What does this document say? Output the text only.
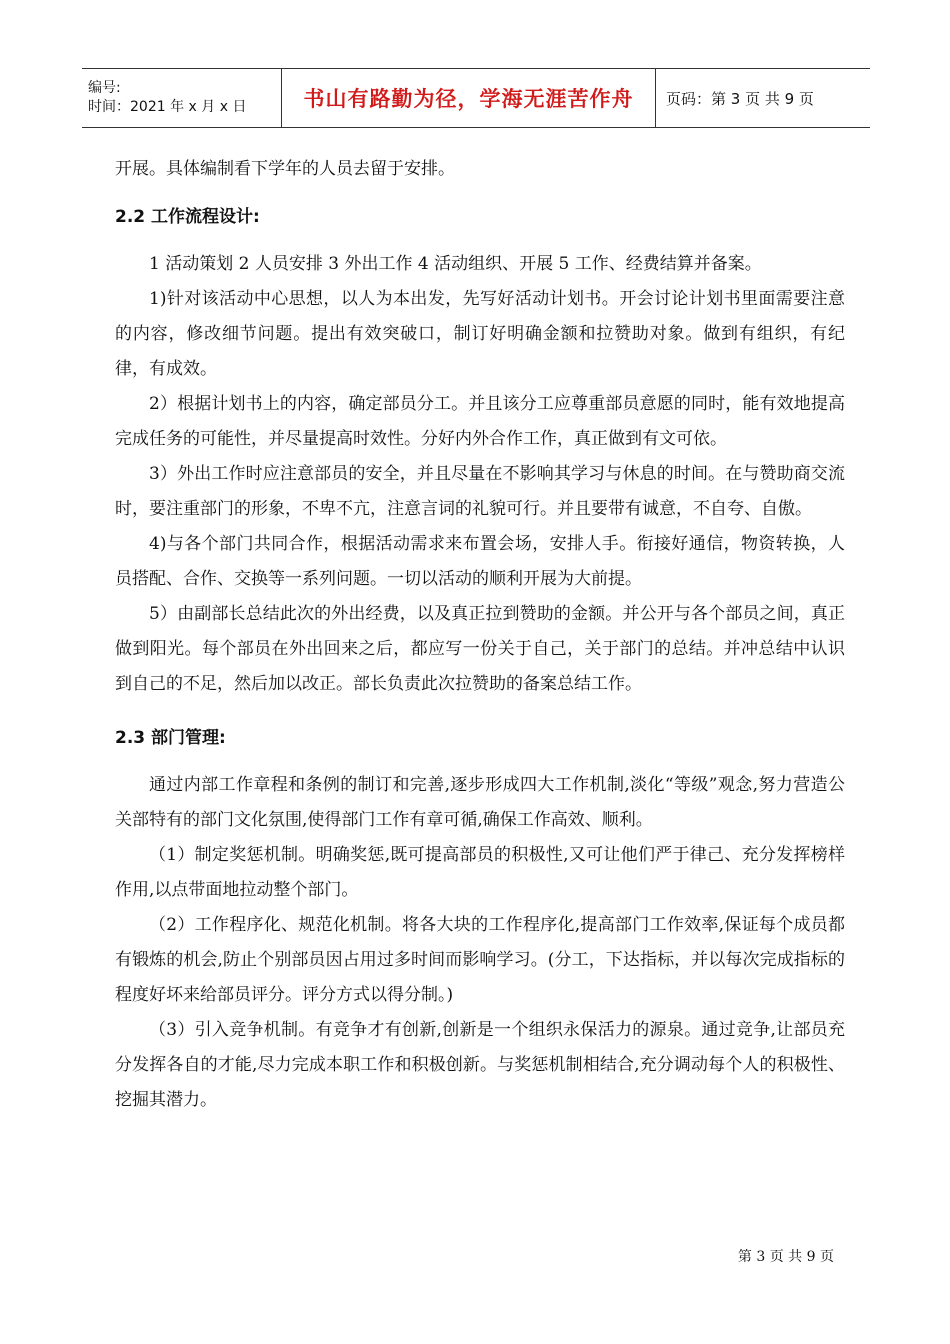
编号:
时间：2021 年 x 月 x 日	书山有路勤为径，学海无涯苦作舟 页码：第 3 页 共 9 页

开展。具体编制看下学年的人员去留于安排。

2.2 工作流程设计:

1 活动策划 2 人员安排 3 外出工作 4 活动组织、开展 5 工作、经费结算并备案。

1)针对该活动中心思想，以人为本出发，先写好活动计划书。开会讨论计划书里面需要注意的内容，修改细节问题。提出有效突破口，制订好明确金额和拉赞助对象。做到有组织，有纪律，有成效。

2）根据计划书上的内容，确定部员分工。并且该分工应尊重部员意愿的同时，能有效地提高完成任务的可能性，并尽量提高时效性。分好内外合作工作，真正做到有文可依。

3）外出工作时应注意部员的安全，并且尽量在不影响其学习与休息的时间。在与赞助商交流时，要注重部门的形象，不卑不亢，注意言词的礼貌可行。并且要带有诚意，不自夸、自傲。

4)与各个部门共同合作，根据活动需求来布置会场，安排人手。衔接好通信，物资转换，人员搭配、合作、交换等一系列问题。一切以活动的顺利开展为大前提。

5）由副部长总结此次的外出经费，以及真正拉到赞助的金额。并公开与各个部员之间，真正做到阳光。每个部员在外出回来之后，都应写一份关于自己，关于部门的总结。并冲总结中认识到自己的不足，然后加以改正。部长负责此次拉赞助的备案总结工作。

2.3 部门管理:

通过内部工作章程和条例的制订和完善,逐步形成四大工作机制,淡化“等级”观念,努力营造公关部特有的部门文化氛围,使得部门工作有章可循,确保工作高效、顺利。

（1）制定奖惩机制。明确奖惩,既可提高部员的积极性,又可让他们严于律己、充分发挥榜样作用,以点带面地拉动整个部门。

（2）工作程序化、规范化机制。将各大块的工作程序化,提高部门工作效率,保证每个成员都有锻炼的机会,防止个别部员因占用过多时间而影响学习。(分工，下达指标，并以每次完成指标的程度好坏来给部员评分。评分方式以得分制。)

（3）引入竞争机制。有竞争才有创新,创新是一个组织永保活力的源泉。通过竞争,让部员充分发挥各自的才能,尽力完成本职工作和积极创新。与奖惩机制相结合,充分调动每个人的积极性、挖掘其潜力。

第 3 页 共 9 页
